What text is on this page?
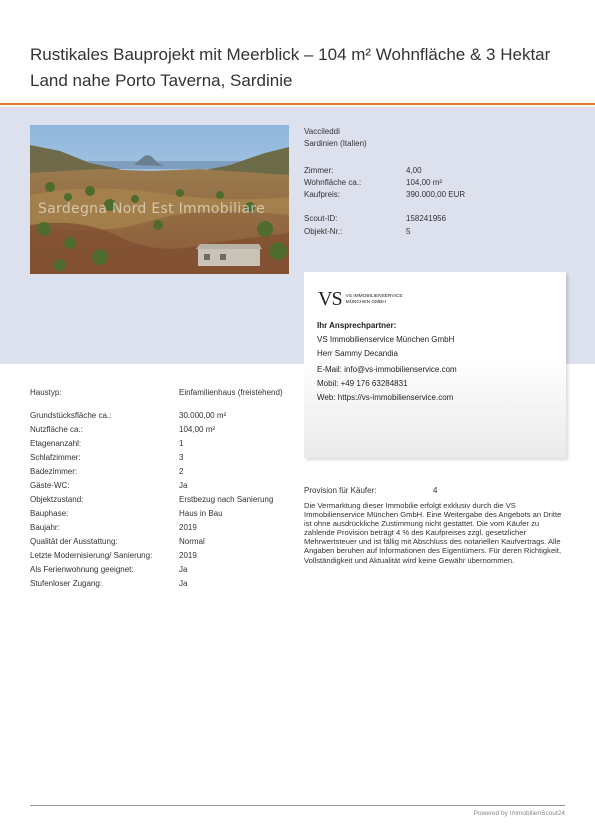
Rustikales Bauprojekt mit Meerblick – 104 m² Wohnfläche & 3 Hektar Land nahe Porto Taverna, Sardinie
Sardegna Nord Est Immobiliare
Vaccileddi
Sardinien (Italien)
Zimmer:	4,00
Wohnfläche ca.:	104,00 m²
Kaufpreis:	390.000,00 EUR
Scout-ID:	158241956
Objekt-Nr.:	5
VS VS IMMOBILIENSERVICE
MÜNCHEN GMBH
Ihr Ansprechpartner:
VS Immobilienservice München GmbH
Herr Sammy Decandia
E-Mail: info@vs-immobilienservice.com
Mobil: +49 176 63284831
Web: https://vs-immobilienservice.com
Haustyp:	Einfamilienhaus (freistehend)
Grundstücksfläche ca.:	30.000,00 m²
Nutzfläche ca.:	104,00 m²
Etagenanzahl:	1
Schlafzimmer:	3
Badezimmer:	2
Gäste-WC:	Ja
Objektzustand:	Erstbezug nach Sanierung
Bauphase:	Haus in Bau
Baujahr:	2019
Qualität der Ausstattung:	Normal
Letzte Modernisierung/ Sanierung:	2019
Als Ferienwohnung geeignet:	Ja
Stufenloser Zugang:	Ja
Provision für Käufer:	4
Die Vermarktung dieser Immobilie erfolgt exklusiv durch die VS Immobilienservice München GmbH. Eine Weitergabe des Angebots an Dritte ist ohne ausdrückliche Zustimmung nicht gestattet. Die vom Käufer zu zahlende Provision beträgt 4 % des Kaufpreises zzgl. gesetzlicher Mehrwertsteuer und ist fällig mit Abschluss des notariellen Kaufvertrags. Alle Angaben beruhen auf Informationen des Eigentümers. Für deren Richtigkeit, Vollständigkeit und Aktualität wird keine Gewähr übernommen.
Powered by ImmobilienScout24
